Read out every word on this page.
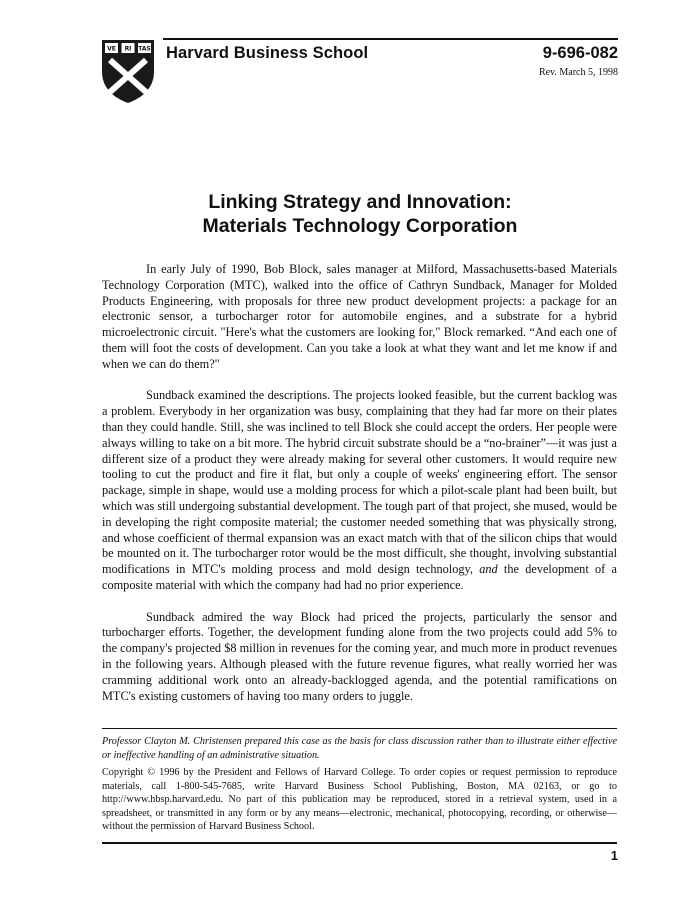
VE RI TAS Harvard Business School	9-696-082
Rev. March 5, 1998
Linking Strategy and Innovation:
Materials Technology Corporation

In early July of 1990, Bob Block, sales manager at Milford, Massachusetts-based Materials Technology Corporation (MTC), walked into the office of Cathryn Sundback, Manager for Molded Products Engineering, with proposals for three new product development projects: a package for an electronic sensor, a turbocharger rotor for automobile engines, and a substrate for a hybrid microelectronic circuit. "Here's what the customers are looking for," Block remarked. “And each one of them will foot the costs of development. Can you take a look at what they want and let me know if and when we can do them?"

Sundback examined the descriptions. The projects looked feasible, but the current backlog was a problem. Everybody in her organization was busy, complaining that they had far more on their plates than they could handle. Still, she was inclined to tell Block she could accept the orders. Her people were always willing to take on a bit more. The hybrid circuit substrate should be a “no-brainer”—it was just a different size of a product they were already making for several other customers. It would require new tooling to cut the product and fire it flat, but only a couple of weeks' engineering effort. The sensor package, simple in shape, would use a molding process for which a pilot-scale plant had been built, but which was still undergoing substantial development. The tough part of that project, she mused, would be in developing the right composite material; the customer needed something that was physically strong, and whose coefficient of thermal expansion was an exact match with that of the silicon chips that would be mounted on it. The turbocharger rotor would be the most difficult, she thought, involving substantial modifications in MTC's molding process and mold design technology, and the development of a composite material with which the company had had no prior experience.

Sundback admired the way Block had priced the projects, particularly the sensor and turbocharger efforts. Together, the development funding alone from the two projects could add 5% to the company's projected $8 million in revenues for the coming year, and much more in product revenues in the following years. Although pleased with the future revenue figures, what really worried her was cramming additional work onto an already-backlogged agenda, and the potential ramifications on MTC's existing customers of having too many orders to juggle.

Professor Clayton M. Christensen prepared this case as the basis for class discussion rather than to illustrate either effective or ineffective handling of an administrative situation.
Copyright © 1996 by the President and Fellows of Harvard College. To order copies or request permission to reproduce materials, call 1-800-545-7685, write Harvard Business School Publishing, Boston, MA 02163, or go to http://www.hbsp.harvard.edu. No part of this publication may be reproduced, stored in a retrieval system, used in a spreadsheet, or transmitted in any form or by any means—electronic, mechanical, photocopying, recording, or otherwise—without the permission of Harvard Business School.
1
